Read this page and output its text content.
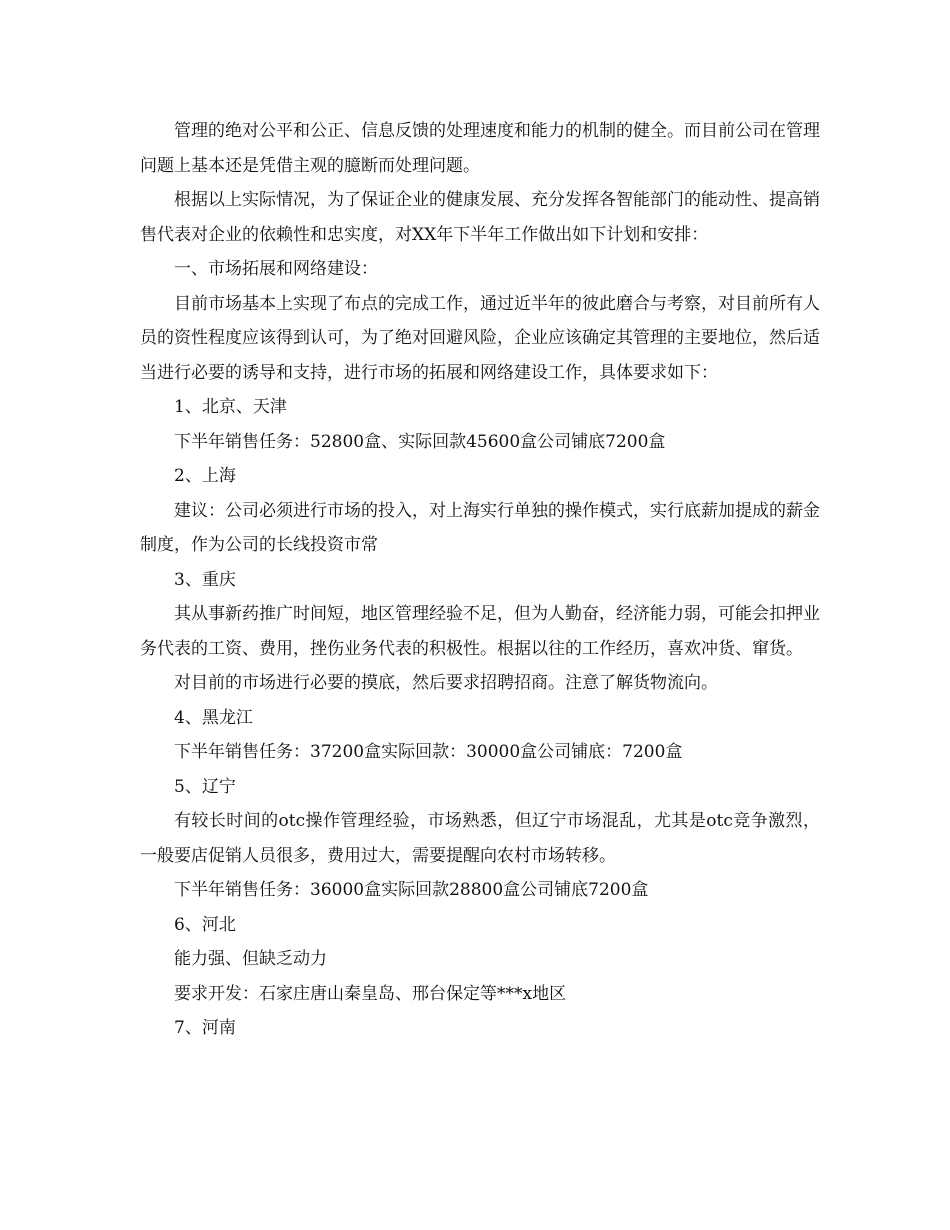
管理的绝对公平和公正、信息反馈的处理速度和能力的机制的健全。而目前公司在管理问题上基本还是凭借主观的臆断而处理问题。

根据以上实际情况，为了保证企业的健康发展、充分发挥各智能部门的能动性、提高销售代表对企业的依赖性和忠实度，对XX年下半年工作做出如下计划和安排：

一、市场拓展和网络建设：

目前市场基本上实现了布点的完成工作，通过近半年的彼此磨合与考察，对目前所有人员的资性程度应该得到认可，为了绝对回避风险，企业应该确定其管理的主要地位，然后适当进行必要的诱导和支持，进行市场的拓展和网络建设工作，具体要求如下：

1、北京、天津

下半年销售任务：52800盒、实际回款45600盒公司铺底7200盒

2、上海

建议：公司必须进行市场的投入，对上海实行单独的操作模式，实行底薪加提成的薪金制度，作为公司的长线投资市常

3、重庆

其从事新药推广时间短，地区管理经验不足，但为人勤奋，经济能力弱，可能会扣押业务代表的工资、费用，挫伤业务代表的积极性。根据以往的工作经历，喜欢冲货、窜货。

对目前的市场进行必要的摸底，然后要求招聘招商。注意了解货物流向。

4、黑龙江

下半年销售任务：37200盒实际回款：30000盒公司铺底：7200盒

5、辽宁

有较长时间的otc操作管理经验，市场熟悉，但辽宁市场混乱，尤其是otc竞争激烈，一般要店促销人员很多，费用过大，需要提醒向农村市场转移。

下半年销售任务：36000盒实际回款28800盒公司铺底7200盒

6、河北

能力强、但缺乏动力

要求开发：石家庄唐山秦皇岛、邢台保定等***x地区

7、河南
